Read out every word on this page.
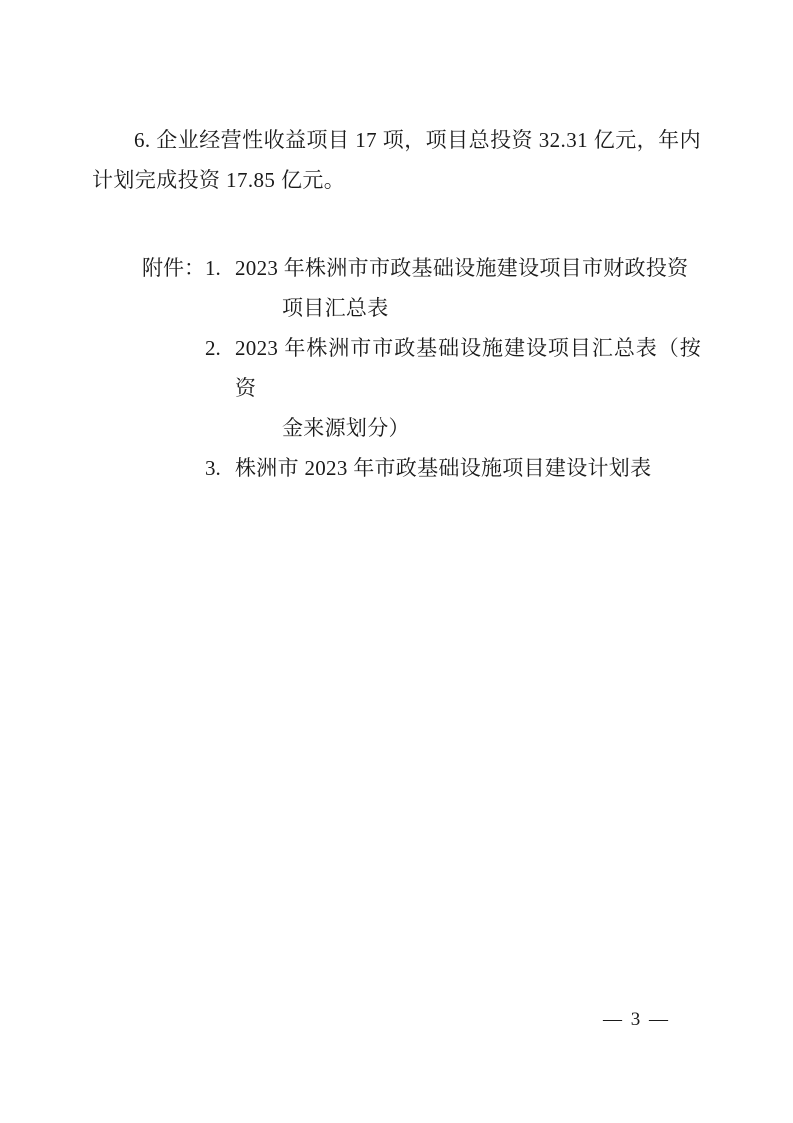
6. 企业经营性收益项目 17 项，项目总投资 32.31 亿元，年内计划完成投资 17.85 亿元。

附件： 1. 2023 年株洲市市政基础设施建设项目市财政投资
项目汇总表
2. 2023 年株洲市市政基础设施建设项目汇总表（按资
金来源划分）
3. 株洲市 2023 年市政基础设施项目建设计划表
— 3 —
